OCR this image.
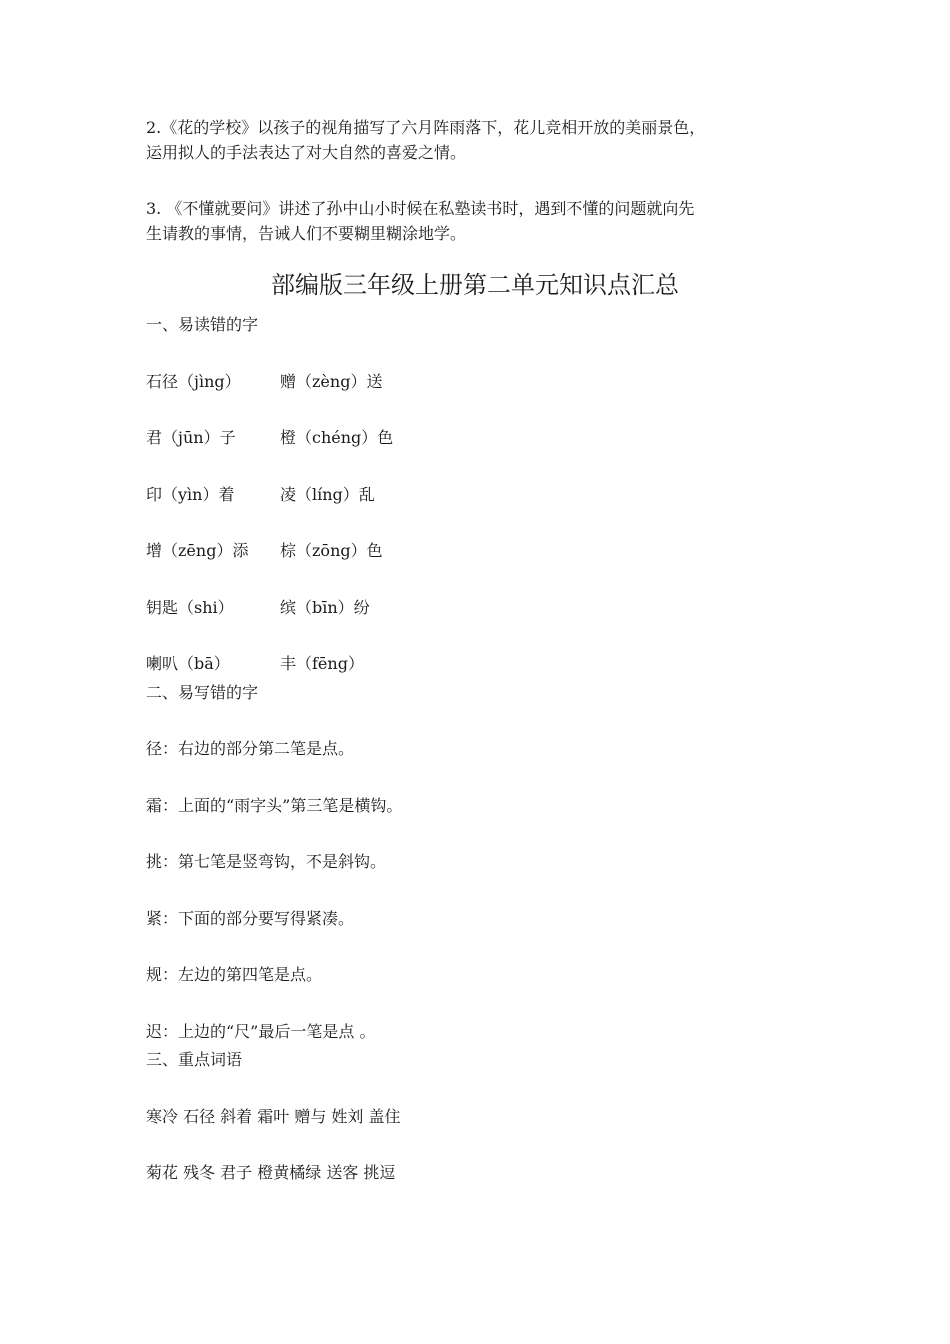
2.《花的学校》以孩子的视角描写了六月阵雨落下，花儿竞相开放的美丽景色，
运用拟人的手法表达了对大自然的喜爱之情。

3. 《不懂就要问》讲述了孙中山小时候在私塾读书时，遇到不懂的问题就向先
生请教的事情，告诫人们不要糊里糊涂地学。

部编版三年级上册第二单元知识点汇总

一、易读错的字

石径（jìng） 赠（zèng）送

君（jūn）子	橙（chéng）色

印（yìn）着	凌（líng）乱

增（zēng）添 棕（zōng）色

钥匙（shi）	缤（bīn）纷

喇叭（bā）	丰（fēng）

二、易写错的字

径：右边的部分第二笔是点。

霜：上面的“雨字头”第三笔是横钩。

挑：第七笔是竖弯钩，不是斜钩。

紧：下面的部分要写得紧凑。

规：左边的第四笔是点。

迟：上边的“尺”最后一笔是点 。

三、重点词语

寒冷 石径 斜着 霜叶 赠与 姓刘 盖住

菊花 残冬 君子 橙黄橘绿 送客 挑逗
